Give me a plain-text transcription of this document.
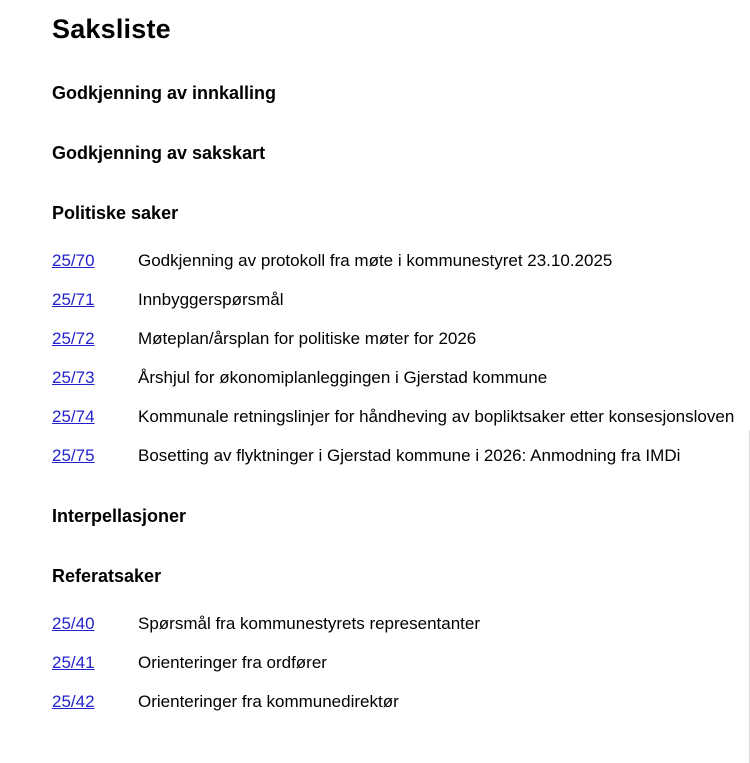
Saksliste
Godkjenning av innkalling
Godkjenning av sakskart
Politiske saker
25/70	Godkjenning av protokoll fra møte i kommunestyret 23.10.2025
25/71	Innbyggerspørsmål
25/72	Møteplan/årsplan for politiske møter for 2026
25/73	Årshjul for økonomiplanleggingen i Gjerstad kommune
25/74	Kommunale retningslinjer for håndheving av bopliktsaker etter konsesjonsloven
25/75	Bosetting av flyktninger i Gjerstad kommune i 2026: Anmodning fra IMDi
Interpellasjoner
Referatsaker
25/40	Spørsmål fra kommunestyrets representanter
25/41	Orienteringer fra ordfører
25/42	Orienteringer fra kommunedirektør
